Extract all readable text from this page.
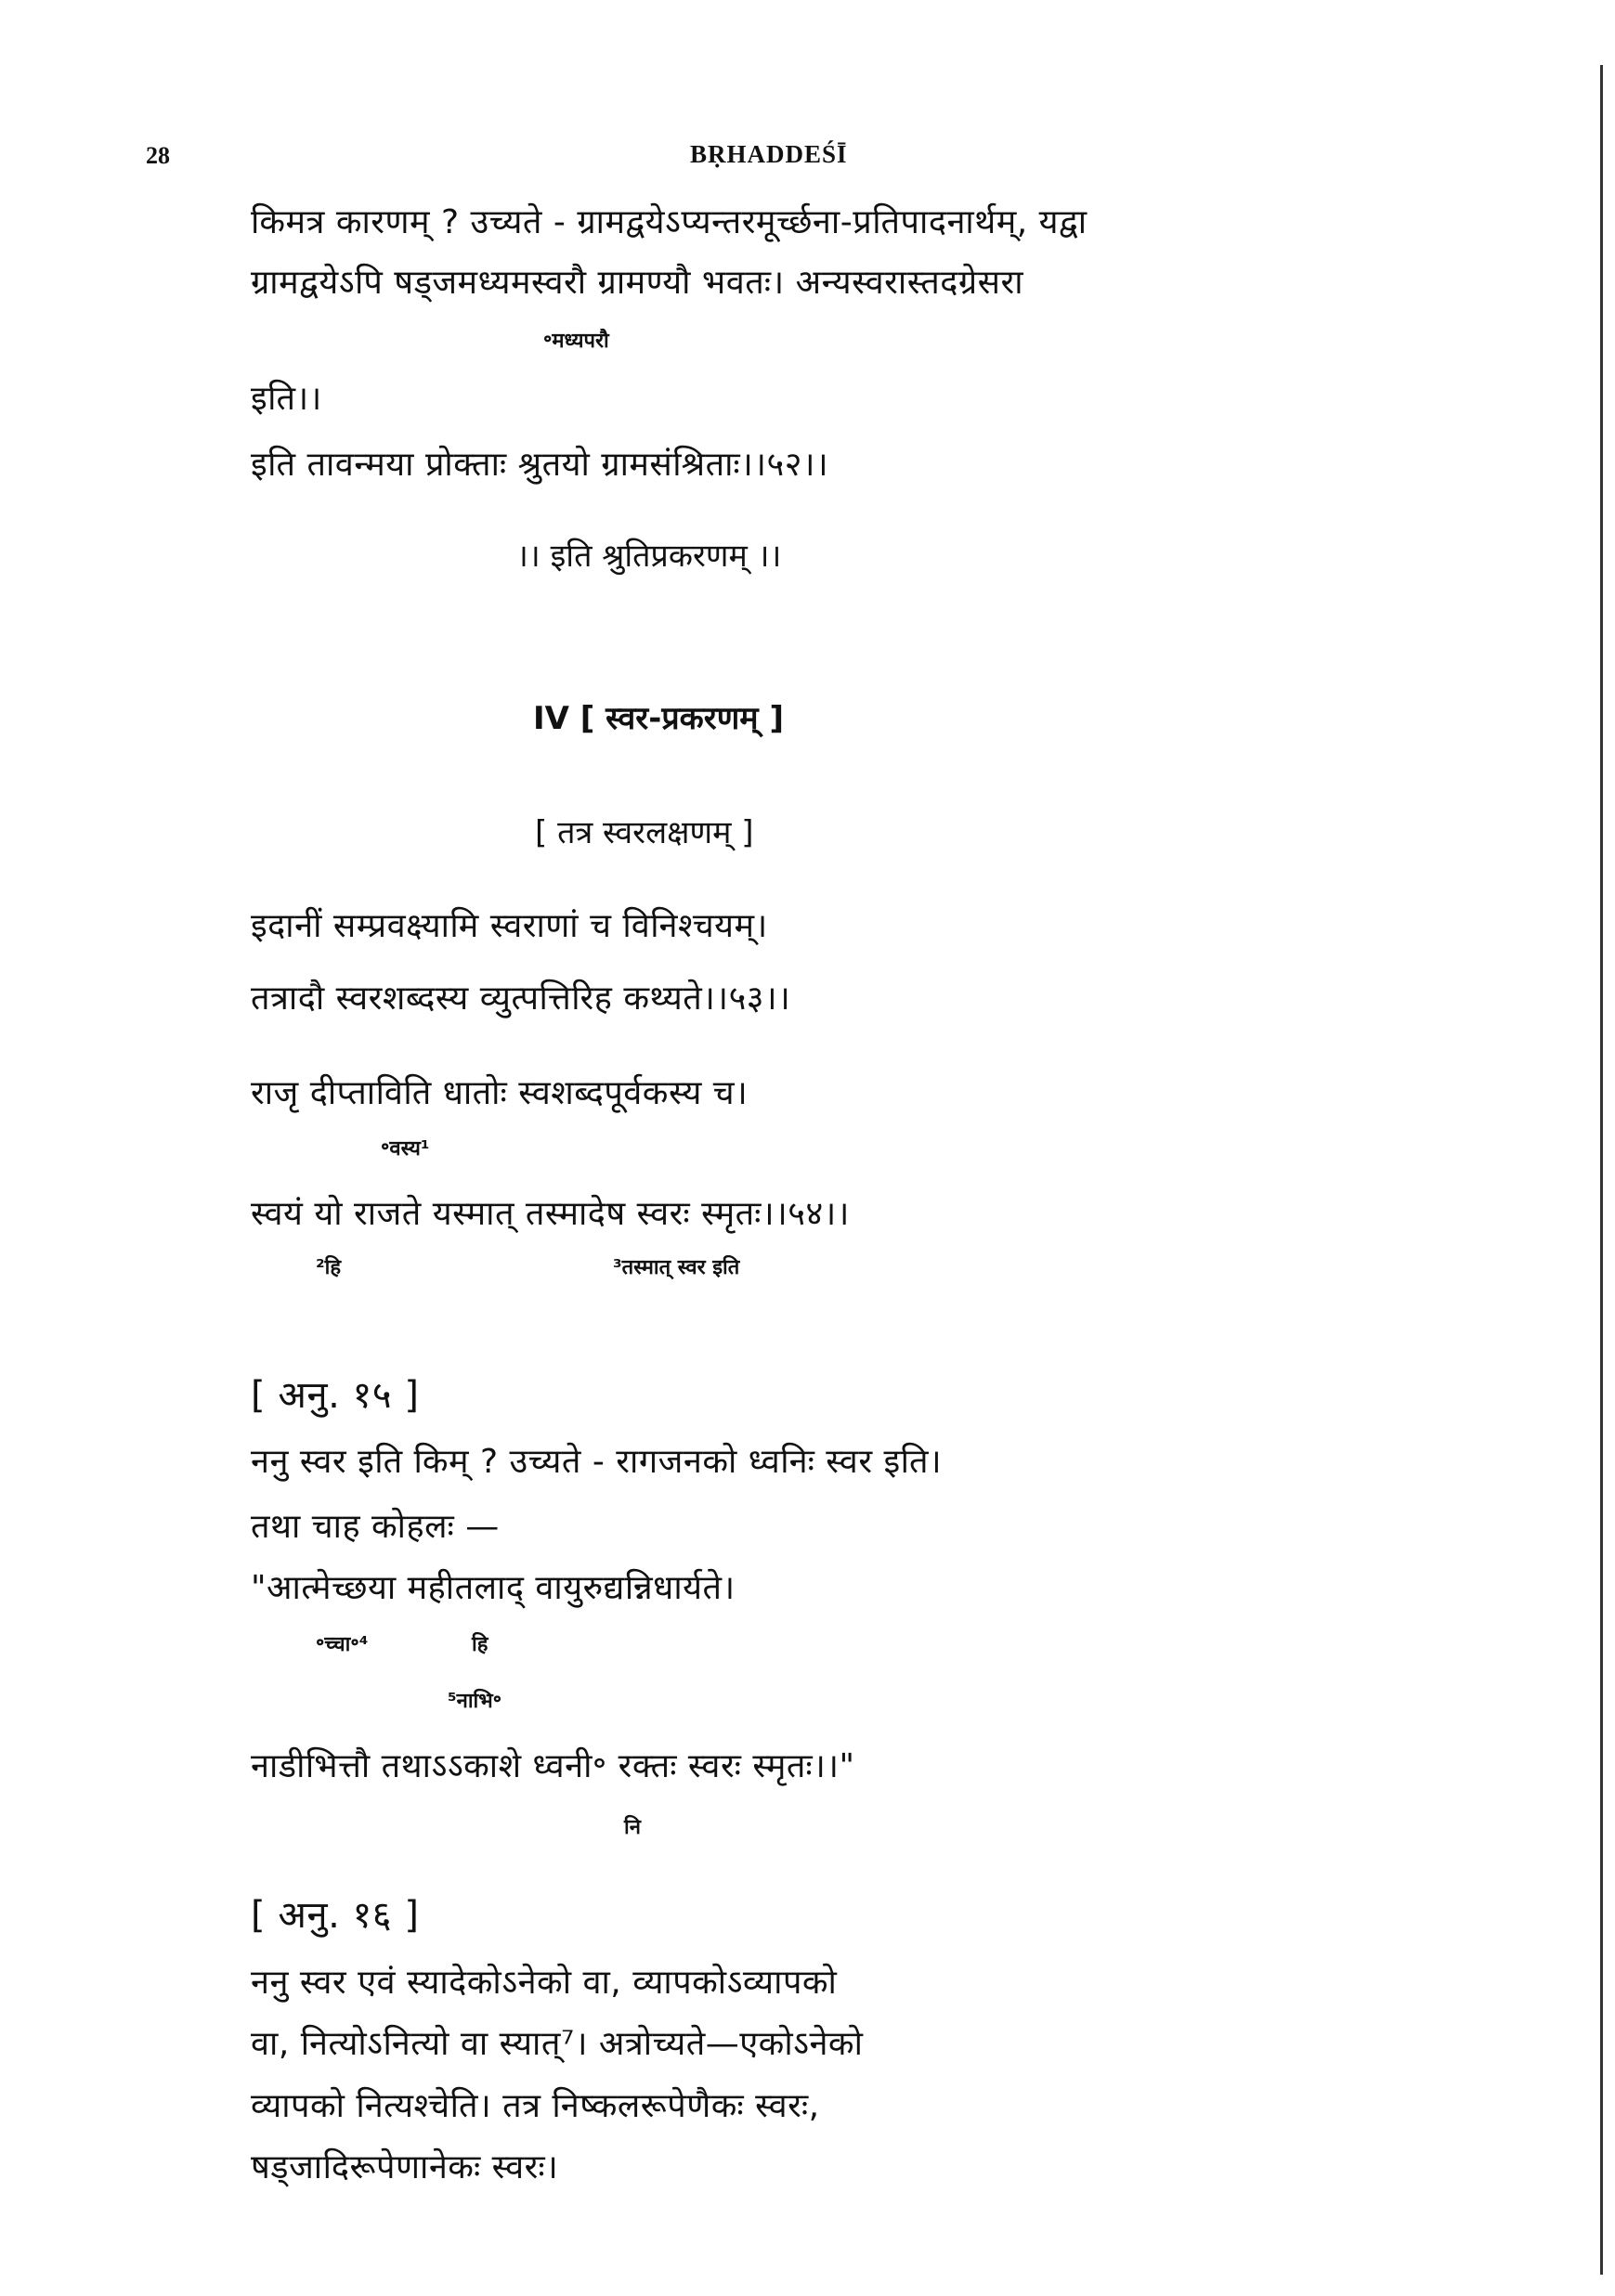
28	BṚHADDEŚĪ
किमत्र कारणम् ? उच्यते - ग्रामद्वयेऽप्यन्तरमूर्च्छना-प्रतिपादनार्थम्, यद्वा
ग्रामद्वयेऽपि षड्जमध्यमस्वरौ ग्रामण्यौ भवतः। अन्यस्वरास्तदग्रेसरा
॰मध्यपरौ
इति।।
इति तावन्मया प्रोक्ताः श्रुतयो ग्रामसंश्रिताः।।५२।।
।। इति श्रुतिप्रकरणम् ।।
IV [ स्वर-प्रकरणम् ]
[ तत्र स्वरलक्षणम् ]
इदानीं सम्प्रवक्ष्यामि स्वराणां च विनिश्चयम्।
तत्रादौ स्वरशब्दस्य व्युत्पत्तिरिह कथ्यते।।५३।।
राजृ दीप्ताविति धातोः स्वशब्दपूर्वकस्य च।
॰वस्य¹
स्वयं यो राजते यस्मात् तस्मादेष स्वरः स्मृतः।।५४।।
²हि	³तस्मात् स्वर इति
[ अनु. १५ ]
ननु स्वर इति किम् ? उच्यते - रागजनको ध्वनिः स्वर इति।
तथा चाह कोहलः —
"आत्मेच्छया महीतलाद् वायुरुद्यन्निधार्यते।
॰च्चा॰⁴	हि
⁵नाभि॰
नाडीभित्तौ तथाऽऽकाशे ध्वनी॰ रक्तः स्वरः स्मृतः।।"
नि
[ अनु. १६ ]
ननु स्वर एवं स्यादेकोऽनेको वा, व्यापकोऽव्यापको
वा, नित्योऽनित्यो वा स्यात्⁷। अत्रोच्यते—एकोऽनेको
व्यापको नित्यश्चेति। तत्र निष्कलरूपेणैकः स्वरः,
षड्जादिरूपेणानेकः स्वरः।
